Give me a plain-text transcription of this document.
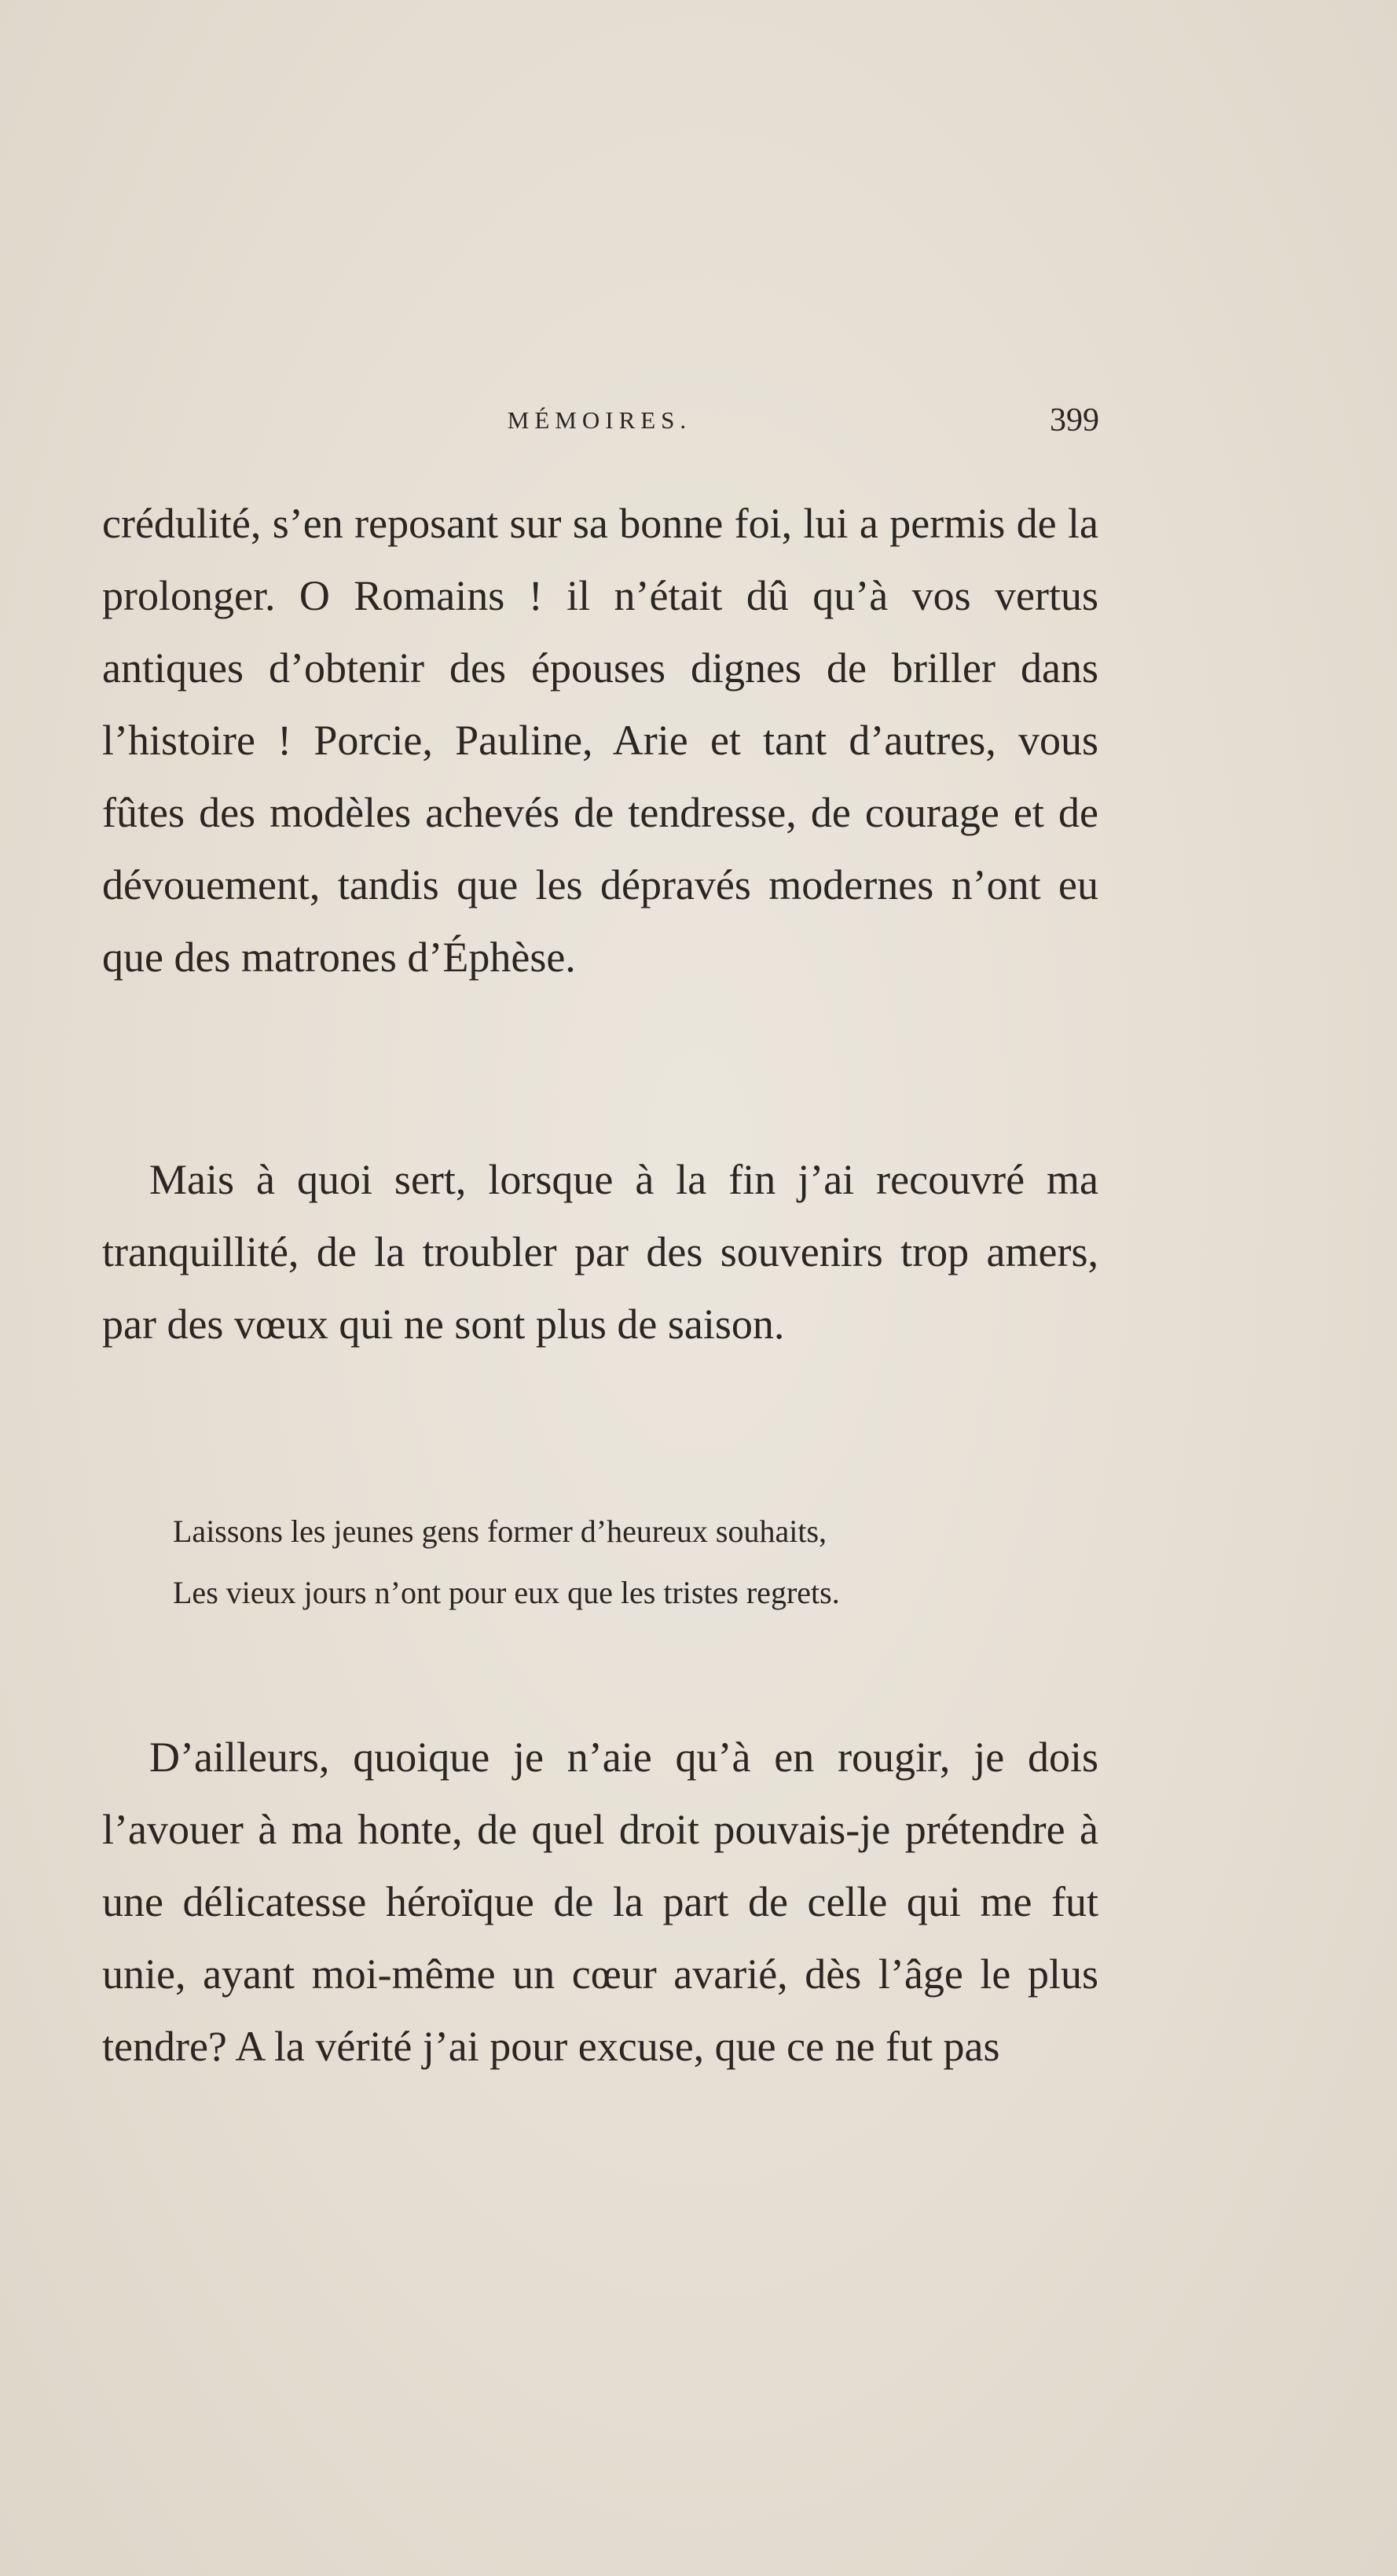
MÉMOIRES.	399

crédulité, s’en reposant sur sa bonne foi, lui a permis de la prolonger. O Romains ! il n’était dû qu’à vos vertus antiques d’obtenir des épouses dignes de briller dans l’histoire ! Porcie, Pauline, Arie et tant d’autres, vous fûtes des modèles achevés de tendresse, de courage et de dévouement, tandis que les dépravés modernes n’ont eu que des matrones d’Éphèse.

Mais à quoi sert, lorsque à la fin j’ai recouvré ma tranquillité, de la troubler par des souvenirs trop amers, par des vœux qui ne sont plus de saison.

Laissons les jeunes gens former d’heureux souhaits,
Les vieux jours n’ont pour eux que les tristes regrets.

D’ailleurs, quoique je n’aie qu’à en rougir, je dois l’avouer à ma honte, de quel droit pouvais-je prétendre à une délicatesse héroïque de la part de celle qui me fut unie, ayant moi-même un cœur avarié, dès l’âge le plus tendre? A la vérité j’ai pour excuse, que ce ne fut pas
